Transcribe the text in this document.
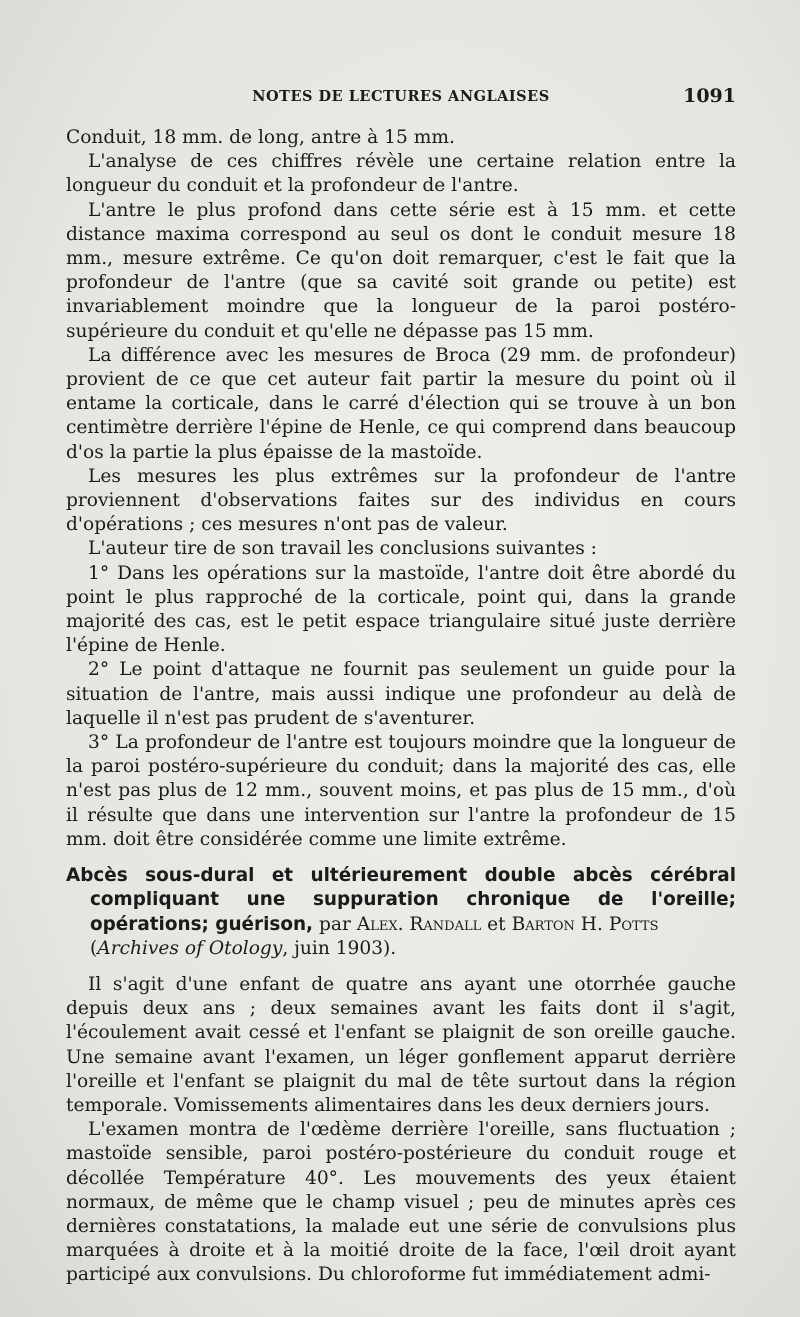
NOTES DE LECTURES ANGLAISES	1091

Conduit, 18 mm. de long, antre à 15 mm.

L'analyse de ces chiffres révèle une certaine relation entre la longueur du conduit et la profondeur de l'antre.

L'antre le plus profond dans cette série est à 15 mm. et cette distance maxima correspond au seul os dont le conduit mesure 18 mm., mesure extrême. Ce qu'on doit remarquer, c'est le fait que la profondeur de l'antre (que sa cavité soit grande ou petite) est invariablement moindre que la longueur de la paroi postéro-supérieure du conduit et qu'elle ne dépasse pas 15 mm.

La différence avec les mesures de Broca (29 mm. de profondeur) provient de ce que cet auteur fait partir la mesure du point où il entame la corticale, dans le carré d'élection qui se trouve à un bon centimètre derrière l'épine de Henle, ce qui comprend dans beaucoup d'os la partie la plus épaisse de la mastoïde.

Les mesures les plus extrêmes sur la profondeur de l'antre proviennent d'observations faites sur des individus en cours d'opérations ; ces mesures n'ont pas de valeur.

L'auteur tire de son travail les conclusions suivantes :

1° Dans les opérations sur la mastoïde, l'antre doit être abordé du point le plus rapproché de la corticale, point qui, dans la grande majorité des cas, est le petit espace triangulaire situé juste derrière l'épine de Henle.

2° Le point d'attaque ne fournit pas seulement un guide pour la situation de l'antre, mais aussi indique une profondeur au delà de laquelle il n'est pas prudent de s'aventurer.

3° La profondeur de l'antre est toujours moindre que la longueur de la paroi postéro-supérieure du conduit; dans la majorité des cas, elle n'est pas plus de 12 mm., souvent moins, et pas plus de 15 mm., d'où il résulte que dans une intervention sur l'antre la profondeur de 15 mm. doit être considérée comme une limite extrême.

Abcès sous-dural et ultérieurement double abcès cérébral compliquant une suppuration chronique de l'oreille; opérations; guérison, par Alex. Randall et Barton H. Potts
(Archives of Otology, juin 1903).

Il s'agit d'une enfant de quatre ans ayant une otorrhée gauche depuis deux ans ; deux semaines avant les faits dont il s'agit, l'écoulement avait cessé et l'enfant se plaignit de son oreille gauche. Une semaine avant l'examen, un léger gonflement apparut derrière l'oreille et l'enfant se plaignit du mal de tête surtout dans la région temporale. Vomissements alimentaires dans les deux derniers jours.

L'examen montra de l'œdème derrière l'oreille, sans fluctuation ; mastoïde sensible, paroi postéro-postérieure du conduit rouge et décollée Température 40°. Les mouvements des yeux étaient normaux, de même que le champ visuel ; peu de minutes après ces dernières constatations, la malade eut une série de convulsions plus marquées à droite et à la moitié droite de la face, l'œil droit ayant participé aux convulsions. Du chloroforme fut immédiatement admi-
